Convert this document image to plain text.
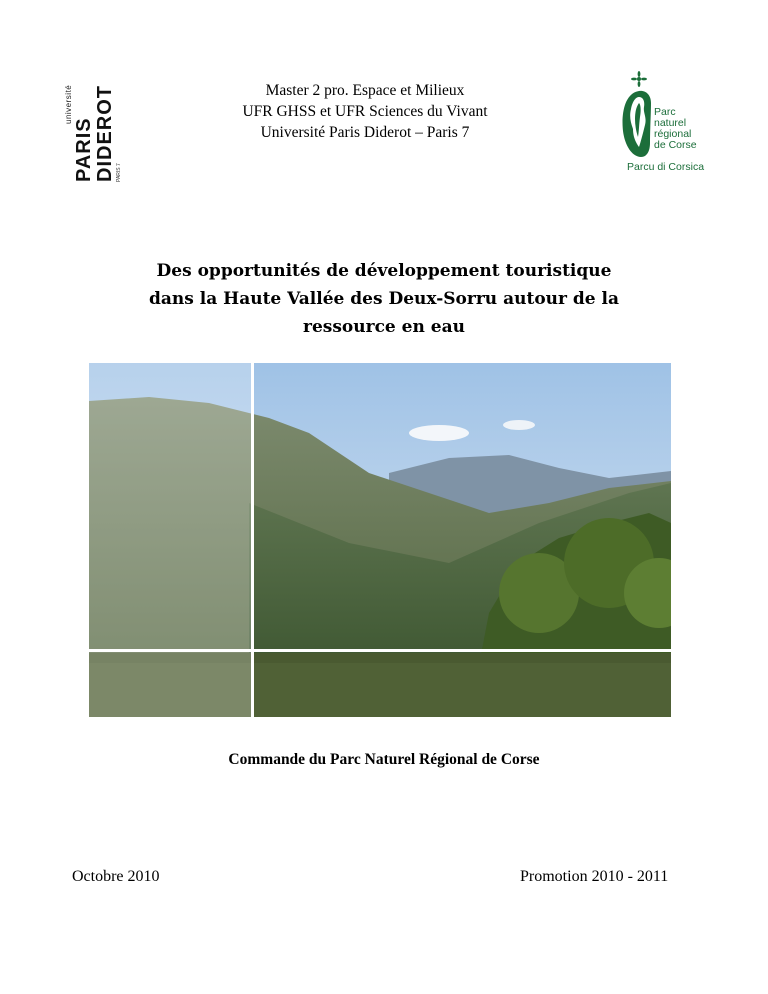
université
PARIS DIDEROT PARIS 7
Master 2 pro. Espace et Milieux
UFR GHSS et UFR Sciences du Vivant
Université Paris Diderot – Paris 7
Parc
naturel
régional
de Corse
Parcu di Corsica
Des opportunités de développement touristique
dans la Haute Vallée des Deux-Sorru autour de la
ressource en eau
Commande du Parc Naturel Régional de Corse
Octobre 2010	Promotion 2010 - 2011
